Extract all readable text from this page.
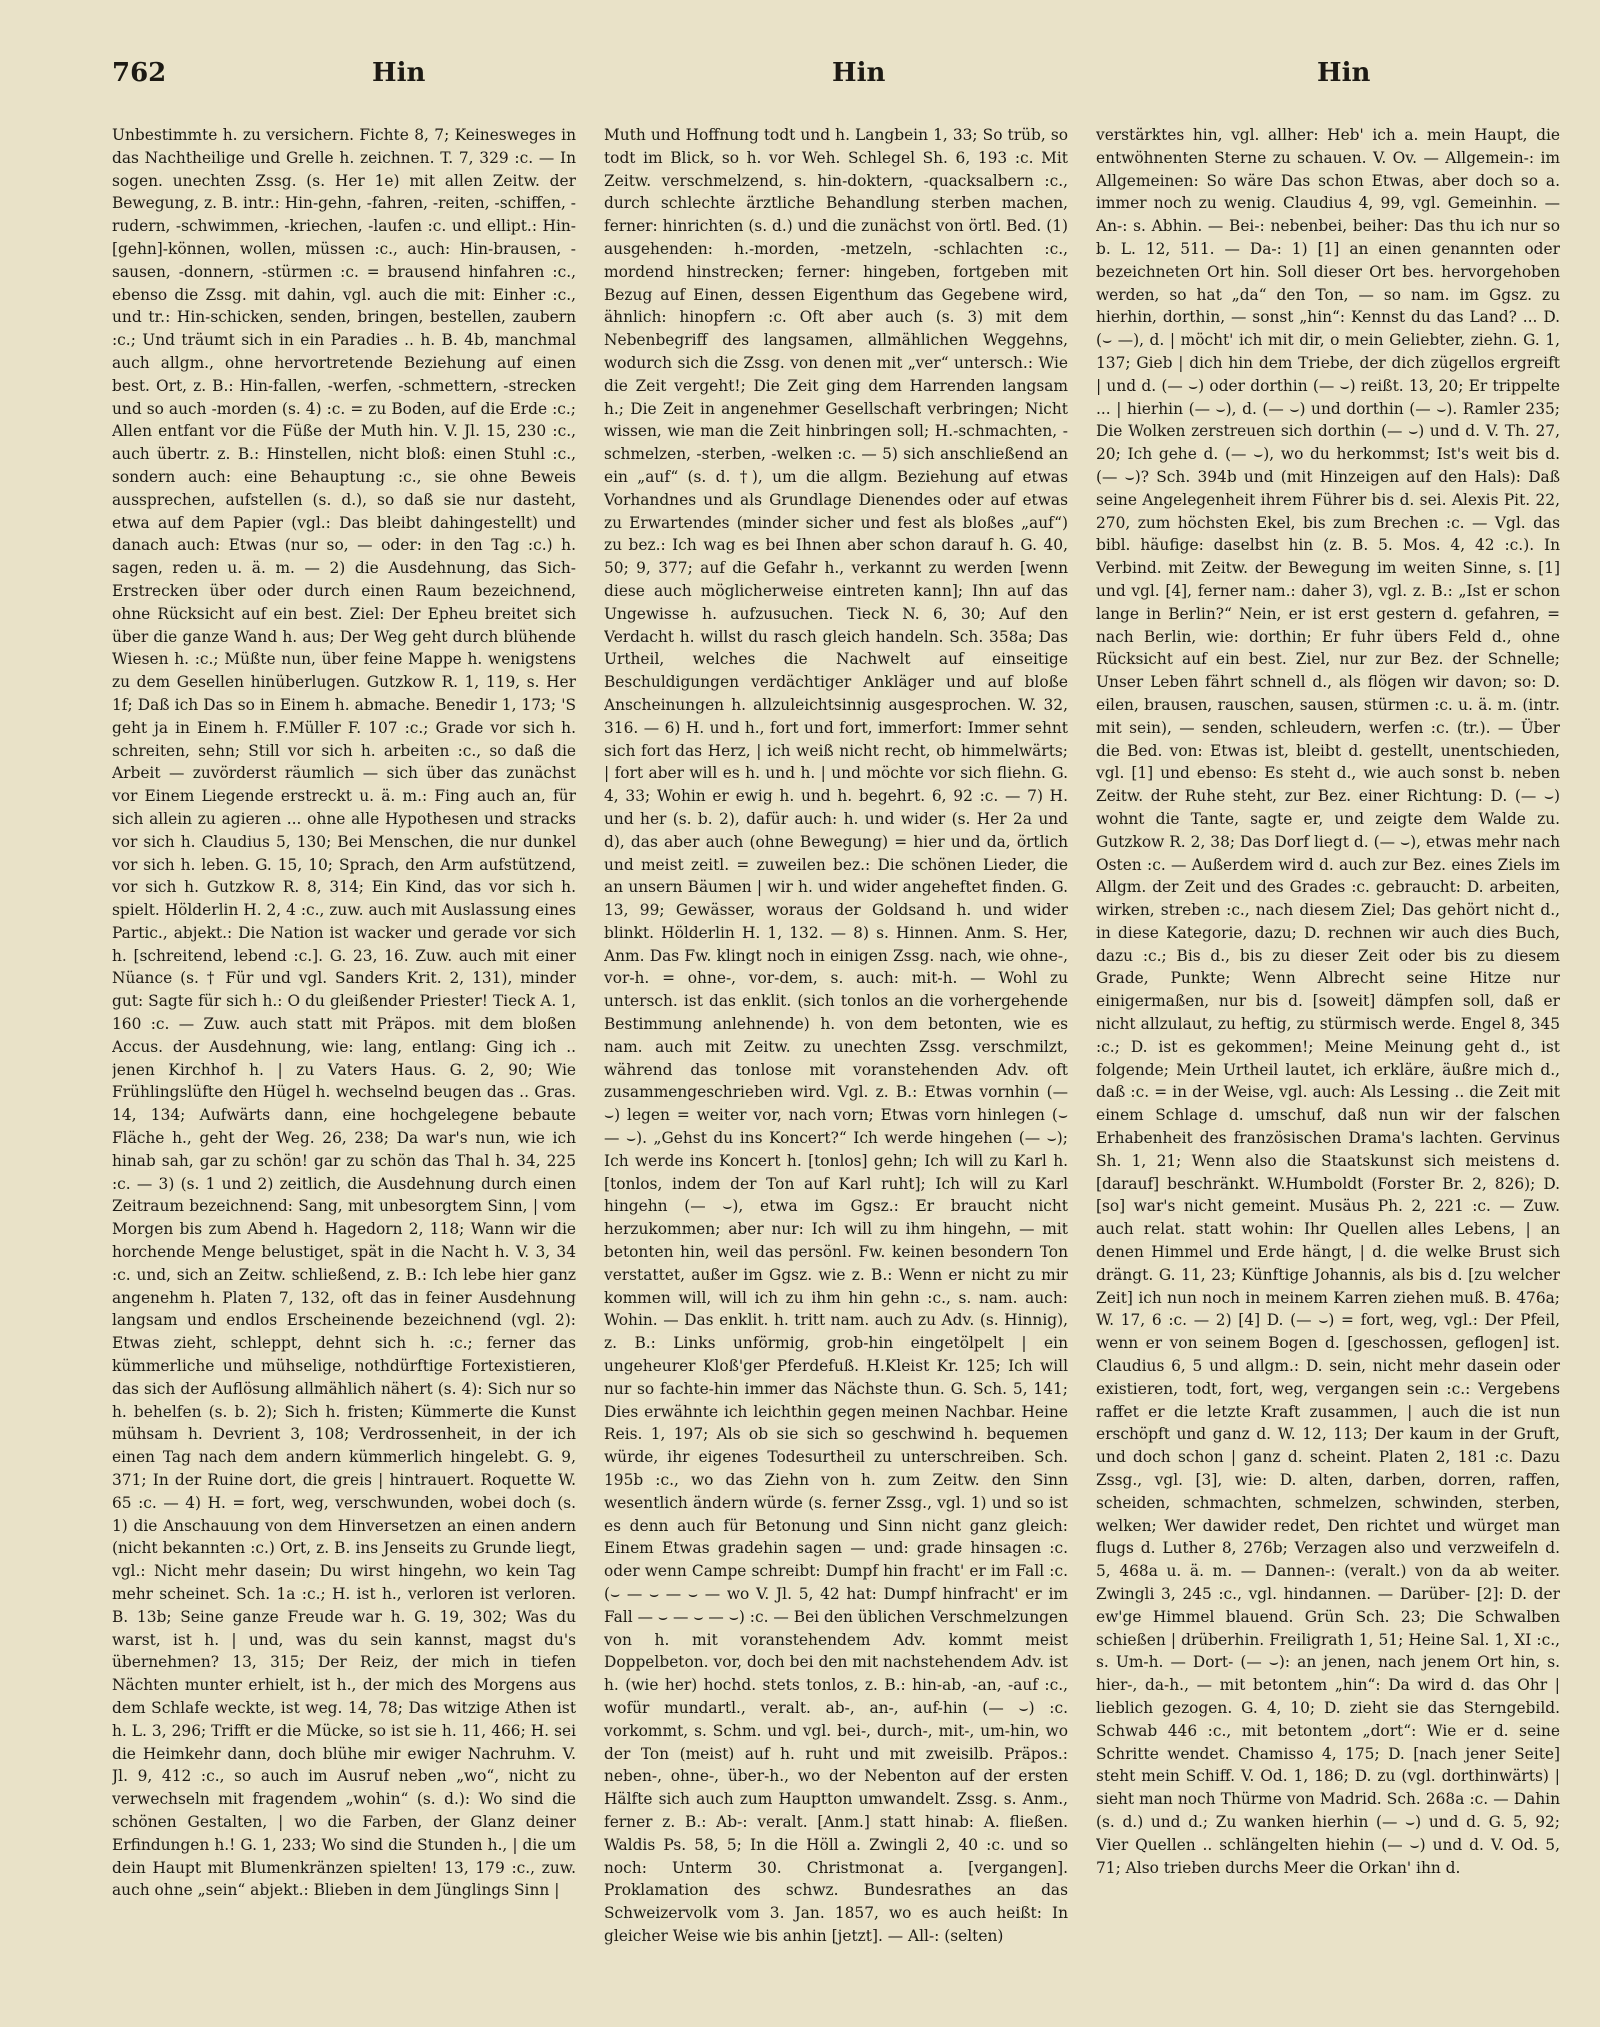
762	Hin	Hin	Hin

Unbestimmte h. zu versichern. Fichte 8, 7; Keinesweges in das Nachtheilige und Grelle h. zeichnen. T. 7, 329 :c. — In sogen. unechten Zssg. (s. Her 1e) mit allen Zeitw. der Bewegung, z. B. intr.: Hin-gehn, -fahren, -reiten, -schiffen, -rudern, -schwimmen, -kriechen, -laufen :c. und ellipt.: Hin-[gehn]-können, wollen, müssen :c., auch: Hin-brausen, -sausen, -donnern, -stürmen :c. = brausend hinfahren :c., ebenso die Zssg. mit dahin, vgl. auch die mit: Einher :c., und tr.: Hin-schicken, senden, bringen, bestellen, zaubern :c.; Und träumt sich in ein Paradies .. h. B. 4b, manchmal auch allgm., ohne hervortretende Beziehung auf einen best. Ort, z. B.: Hin-fallen, -werfen, -schmettern, -strecken und so auch -morden (s. 4) :c. = zu Boden, auf die Erde :c.; Allen entfant vor die Füße der Muth hin. V. Jl. 15, 230 :c., auch übertr. z. B.: Hinstellen, nicht bloß: einen Stuhl :c., sondern auch: eine Behauptung :c., sie ohne Beweis aussprechen, aufstellen (s. d.), so daß sie nur dasteht, etwa auf dem Papier (vgl.: Das bleibt dahingestellt) und danach auch: Etwas (nur so, — oder: in den Tag :c.) h. sagen, reden u. ä. m. — 2) die Ausdehnung, das Sich-Erstrecken über oder durch einen Raum bezeichnend, ohne Rücksicht auf ein best. Ziel: Der Epheu breitet sich über die ganze Wand h. aus; Der Weg geht durch blühende Wiesen h. :c.; Müßte nun, über feine Mappe h. wenigstens zu dem Gesellen hinüberlugen. Gutzkow R. 1, 119, s. Her 1f; Daß ich Das so in Einem h. abmache. Benedir 1, 173; 'S geht ja in Einem h. F.Müller F. 107 :c.; Grade vor sich h. schreiten, sehn; Still vor sich h. arbeiten :c., so daß die Arbeit — zuvörderst räumlich — sich über das zunächst vor Einem Liegende erstreckt u. ä. m.: Fing auch an, für sich allein zu agieren ... ohne alle Hypothesen und stracks vor sich h. Claudius 5, 130; Bei Menschen, die nur dunkel vor sich h. leben. G. 15, 10; Sprach, den Arm aufstützend, vor sich h. Gutzkow R. 8, 314; Ein Kind, das vor sich h. spielt. Hölderlin H. 2, 4 :c., zuw. auch mit Auslassung eines Partic., abjekt.: Die Nation ist wacker und gerade vor sich h. [schreitend, lebend :c.]. G. 23, 16. Zuw. auch mit einer Nüance (s. † Für und vgl. Sanders Krit. 2, 131), minder gut: Sagte für sich h.: O du gleißender Priester! Tieck A. 1, 160 :c. — Zuw. auch statt mit Präpos. mit dem bloßen Accus. der Ausdehnung, wie: lang, entlang: Ging ich .. jenen Kirchhof h. | zu Vaters Haus. G. 2, 90; Wie Frühlingslüfte den Hügel h. wechselnd beugen das .. Gras. 14, 134; Aufwärts dann, eine hochgelegene bebaute Fläche h., geht der Weg. 26, 238; Da war's nun, wie ich hinab sah, gar zu schön! gar zu schön das Thal h. 34, 225 :c. — 3) (s. 1 und 2) zeitlich, die Ausdehnung durch einen Zeitraum bezeichnend: Sang, mit unbesorgtem Sinn, | vom Morgen bis zum Abend h. Hagedorn 2, 118; Wann wir die horchende Menge belustiget, spät in die Nacht h. V. 3, 34 :c. und, sich an Zeitw. schließend, z. B.: Ich lebe hier ganz angenehm h. Platen 7, 132, oft das in feiner Ausdehnung langsam und endlos Erscheinende bezeichnend (vgl. 2): Etwas zieht, schleppt, dehnt sich h. :c.; ferner das kümmerliche und mühselige, nothdürftige Fortexistieren, das sich der Auflösung allmählich nähert (s. 4): Sich nur so h. behelfen (s. b. 2); Sich h. fristen; Kümmerte die Kunst mühsam h. Devrient 3, 108; Verdrossenheit, in der ich einen Tag nach dem andern kümmerlich hingelebt. G. 9, 371; In der Ruine dort, die greis | hintrauert. Roquette W. 65 :c. — 4) H. = fort, weg, verschwunden, wobei doch (s. 1) die Anschauung von dem Hinversetzen an einen andern (nicht bekannten :c.) Ort, z. B. ins Jenseits zu Grunde liegt, vgl.: Nicht mehr dasein; Du wirst hingehn, wo kein Tag mehr scheinet. Sch. 1a :c.; H. ist h., verloren ist verloren. B. 13b; Seine ganze Freude war h. G. 19, 302; Was du warst, ist h. | und, was du sein kannst, magst du's übernehmen? 13, 315; Der Reiz, der mich in tiefen Nächten munter erhielt, ist h., der mich des Morgens aus dem Schlafe weckte, ist weg. 14, 78; Das witzige Athen ist h. L. 3, 296; Trifft er die Mücke, so ist sie h. 11, 466; H. sei die Heimkehr dann, doch blühe mir ewiger Nachruhm. V. Jl. 9, 412 :c., so auch im Ausruf neben „wo“, nicht zu verwechseln mit fragendem „wohin“ (s. d.): Wo sind die schönen Gestalten, | wo die Farben, der Glanz deiner Erfindungen h.! G. 1, 233; Wo sind die Stunden h., | die um dein Haupt mit Blumenkränzen spielten! 13, 179 :c., zuw. auch ohne „sein“ abjekt.: Blieben in dem Jünglings Sinn |

Muth und Hoffnung todt und h. Langbein 1, 33; So trüb, so todt im Blick, so h. vor Weh. Schlegel Sh. 6, 193 :c. Mit Zeitw. verschmelzend, s. hin-doktern, -quacksalbern :c., durch schlechte ärztliche Behandlung sterben machen, ferner: hinrichten (s. d.) und die zunächst von örtl. Bed. (1) ausgehenden: h.-morden, -metzeln, -schlachten :c., mordend hinstrecken; ferner: hingeben, fortgeben mit Bezug auf Einen, dessen Eigenthum das Gegebene wird, ähnlich: hinopfern :c. Oft aber auch (s. 3) mit dem Nebenbegriff des langsamen, allmählichen Weggehns, wodurch sich die Zssg. von denen mit „ver“ untersch.: Wie die Zeit vergeht!; Die Zeit ging dem Harrenden langsam h.; Die Zeit in angenehmer Gesellschaft verbringen; Nicht wissen, wie man die Zeit hinbringen soll; H.-schmachten, -schmelzen, -sterben, -welken :c. — 5) sich anschließend an ein „auf“ (s. d. †), um die allgm. Beziehung auf etwas Vorhandnes und als Grundlage Dienendes oder auf etwas zu Erwartendes (minder sicher und fest als bloßes „auf“) zu bez.: Ich wag es bei Ihnen aber schon darauf h. G. 40, 50; 9, 377; auf die Gefahr h., verkannt zu werden [wenn diese auch möglicherweise eintreten kann]; Ihn auf das Ungewisse h. aufzusuchen. Tieck N. 6, 30; Auf den Verdacht h. willst du rasch gleich handeln. Sch. 358a; Das Urtheil, welches die Nachwelt auf einseitige Beschuldigungen verdächtiger Ankläger und auf bloße Anscheinungen h. allzuleichtsinnig ausgesprochen. W. 32, 316. — 6) H. und h., fort und fort, immerfort: Immer sehnt sich fort das Herz, | ich weiß nicht recht, ob himmelwärts; | fort aber will es h. und h. | und möchte vor sich fliehn. G. 4, 33; Wohin er ewig h. und h. begehrt. 6, 92 :c. — 7) H. und her (s. b. 2), dafür auch: h. und wider (s. Her 2a und d), das aber auch (ohne Bewegung) = hier und da, örtlich und meist zeitl. = zuweilen bez.: Die schönen Lieder, die an unsern Bäumen | wir h. und wider angeheftet finden. G. 13, 99; Gewässer, woraus der Goldsand h. und wider blinkt. Hölderlin H. 1, 132. — 8) s. Hinnen. Anm. S. Her, Anm. Das Fw. klingt noch in einigen Zssg. nach, wie ohne-, vor-h. = ohne-, vor-dem, s. auch: mit-h. — Wohl zu untersch. ist das enklit. (sich tonlos an die vorhergehende Bestimmung anlehnende) h. von dem betonten, wie es nam. auch mit Zeitw. zu unechten Zssg. verschmilzt, während das tonlose mit voranstehenden Adv. oft zusammengeschrieben wird. Vgl. z. B.: Etwas vornhin (— ⌣) legen = weiter vor, nach vorn; Etwas vorn hinlegen (⌣ — ⌣). „Gehst du ins Koncert?“ Ich werde hingehen (— ⌣); Ich werde ins Koncert h. [tonlos] gehn; Ich will zu Karl h. [tonlos, indem der Ton auf Karl ruht]; Ich will zu Karl hingehn (— ⌣), etwa im Ggsz.: Er braucht nicht herzukommen; aber nur: Ich will zu ihm hingehn, — mit betonten hin, weil das persönl. Fw. keinen besondern Ton verstattet, außer im Ggsz. wie z. B.: Wenn er nicht zu mir kommen will, will ich zu ihm hin gehn :c., s. nam. auch: Wohin. — Das enklit. h. tritt nam. auch zu Adv. (s. Hinnig), z. B.: Links unförmig, grob-hin eingetölpelt | ein ungeheurer Kloß'ger Pferdefuß. H.Kleist Kr. 125; Ich will nur so fachte-hin immer das Nächste thun. G. Sch. 5, 141; Dies erwähnte ich leichthin gegen meinen Nachbar. Heine Reis. 1, 197; Als ob sie sich so geschwind h. bequemen würde, ihr eigenes Todesurtheil zu unterschreiben. Sch. 195b :c., wo das Ziehn von h. zum Zeitw. den Sinn wesentlich ändern würde (s. ferner Zssg., vgl. 1) und so ist es denn auch für Betonung und Sinn nicht ganz gleich: Einem Etwas gradehin sagen — und: grade hinsagen :c. oder wenn Campe schreibt: Dumpf hin fracht' er im Fall :c. (⌣ — ⌣ — ⌣ — wo V. Jl. 5, 42 hat: Dumpf hinfracht' er im Fall — ⌣ — ⌣ — ⌣) :c. — Bei den üblichen Verschmelzungen von h. mit voranstehendem Adv. kommt meist Doppelbeton. vor, doch bei den mit nachstehendem Adv. ist h. (wie her) hochd. stets tonlos, z. B.: hin-ab, -an, -auf :c., wofür mundartl., veralt. ab-, an-, auf-hin (— ⌣) :c. vorkommt, s. Schm. und vgl. bei-, durch-, mit-, um-hin, wo der Ton (meist) auf h. ruht und mit zweisilb. Präpos.: neben-, ohne-, über-h., wo der Nebenton auf der ersten Hälfte sich auch zum Hauptton umwandelt. Zssg. s. Anm., ferner z. B.: Ab-: veralt. [Anm.] statt hinab: A. fließen. Waldis Ps. 58, 5; In die Höll a. Zwingli 2, 40 :c. und so noch: Unterm 30. Christmonat a. [vergangen]. Proklamation des schwz. Bundesrathes an das Schweizervolk vom 3. Jan. 1857, wo es auch heißt: In gleicher Weise wie bis anhin [jetzt]. — All-: (selten)

verstärktes hin, vgl. allher: Heb' ich a. mein Haupt, die entwöhnenten Sterne zu schauen. V. Ov. — Allgemein-: im Allgemeinen: So wäre Das schon Etwas, aber doch so a. immer noch zu wenig. Claudius 4, 99, vgl. Gemeinhin. — An-: s. Abhin. — Bei-: nebenbei, beiher: Das thu ich nur so b. L. 12, 511. — Da-: 1) [1] an einen genannten oder bezeichneten Ort hin. Soll dieser Ort bes. hervorgehoben werden, so hat „da“ den Ton, — so nam. im Ggsz. zu hierhin, dorthin, — sonst „hin“: Kennst du das Land? ... D. (⌣ —), d. | möcht' ich mit dir, o mein Geliebter, ziehn. G. 1, 137; Gieb | dich hin dem Triebe, der dich zügellos ergreift | und d. (— ⌣) oder dorthin (— ⌣) reißt. 13, 20; Er trippelte ... | hierhin (— ⌣), d. (— ⌣) und dorthin (— ⌣). Ramler 235; Die Wolken zerstreuen sich dorthin (— ⌣) und d. V. Th. 27, 20; Ich gehe d. (— ⌣), wo du herkommst; Ist's weit bis d. (— ⌣)? Sch. 394b und (mit Hinzeigen auf den Hals): Daß seine Angelegenheit ihrem Führer bis d. sei. Alexis Pit. 22, 270, zum höchsten Ekel, bis zum Brechen :c. — Vgl. das bibl. häufige: daselbst hin (z. B. 5. Mos. 4, 42 :c.). In Verbind. mit Zeitw. der Bewegung im weiten Sinne, s. [1] und vgl. [4], ferner nam.: daher 3), vgl. z. B.: „Ist er schon lange in Berlin?“ Nein, er ist erst gestern d. gefahren, = nach Berlin, wie: dorthin; Er fuhr übers Feld d., ohne Rücksicht auf ein best. Ziel, nur zur Bez. der Schnelle; Unser Leben fährt schnell d., als flögen wir davon; so: D. eilen, brausen, rauschen, sausen, stürmen :c. u. ä. m. (intr. mit sein), — senden, schleudern, werfen :c. (tr.). — Über die Bed. von: Etwas ist, bleibt d. gestellt, unentschieden, vgl. [1] und ebenso: Es steht d., wie auch sonst b. neben Zeitw. der Ruhe steht, zur Bez. einer Richtung: D. (— ⌣) wohnt die Tante, sagte er, und zeigte dem Walde zu. Gutzkow R. 2, 38; Das Dorf liegt d. (— ⌣), etwas mehr nach Osten :c. — Außerdem wird d. auch zur Bez. eines Ziels im Allgm. der Zeit und des Grades :c. gebraucht: D. arbeiten, wirken, streben :c., nach diesem Ziel; Das gehört nicht d., in diese Kategorie, dazu; D. rechnen wir auch dies Buch, dazu :c.; Bis d., bis zu dieser Zeit oder bis zu diesem Grade, Punkte; Wenn Albrecht seine Hitze nur einigermaßen, nur bis d. [soweit] dämpfen soll, daß er nicht allzulaut, zu heftig, zu stürmisch werde. Engel 8, 345 :c.; D. ist es gekommen!; Meine Meinung geht d., ist folgende; Mein Urtheil lautet, ich erkläre, äußre mich d., daß :c. = in der Weise, vgl. auch: Als Lessing .. die Zeit mit einem Schlage d. umschuf, daß nun wir der falschen Erhabenheit des französischen Drama's lachten. Gervinus Sh. 1, 21; Wenn also die Staatskunst sich meistens d. [darauf] beschränkt. W.Humboldt (Forster Br. 2, 826); D. [so] war's nicht gemeint. Musäus Ph. 2, 221 :c. — Zuw. auch relat. statt wohin: Ihr Quellen alles Lebens, | an denen Himmel und Erde hängt, | d. die welke Brust sich drängt. G. 11, 23; Künftige Johannis, als bis d. [zu welcher Zeit] ich nun noch in meinem Karren ziehen muß. B. 476a; W. 17, 6 :c. — 2) [4] D. (— ⌣) = fort, weg, vgl.: Der Pfeil, wenn er von seinem Bogen d. [geschossen, geflogen] ist. Claudius 6, 5 und allgm.: D. sein, nicht mehr dasein oder existieren, todt, fort, weg, vergangen sein :c.: Vergebens raffet er die letzte Kraft zusammen, | auch die ist nun erschöpft und ganz d. W. 12, 113; Der kaum in der Gruft, und doch schon | ganz d. scheint. Platen 2, 181 :c. Dazu Zssg., vgl. [3], wie: D. alten, darben, dorren, raffen, scheiden, schmachten, schmelzen, schwinden, sterben, welken; Wer dawider redet, Den richtet und würget man flugs d. Luther 8, 276b; Verzagen also und verzweifeln d. 5, 468a u. ä. m. — Dannen-: (veralt.) von da ab weiter. Zwingli 3, 245 :c., vgl. hindannen. — Darüber- [2]: D. der ew'ge Himmel blauend. Grün Sch. 23; Die Schwalben schießen | drüberhin. Freiligrath 1, 51; Heine Sal. 1, XI :c., s. Um-h. — Dort- (— ⌣): an jenen, nach jenem Ort hin, s. hier-, da-h., — mit betontem „hin“: Da wird d. das Ohr | lieblich gezogen. G. 4, 10; D. zieht sie das Sterngebild. Schwab 446 :c., mit betontem „dort“: Wie er d. seine Schritte wendet. Chamisso 4, 175; D. [nach jener Seite] steht mein Schiff. V. Od. 1, 186; D. zu (vgl. dorthinwärts) | sieht man noch Thürme von Madrid. Sch. 268a :c. — Dahin (s. d.) und d.; Zu wanken hierhin (— ⌣) und d. G. 5, 92; Vier Quellen .. schlängelten hiehin (— ⌣) und d. V. Od. 5, 71; Also trieben durchs Meer die Orkan' ihn d.
